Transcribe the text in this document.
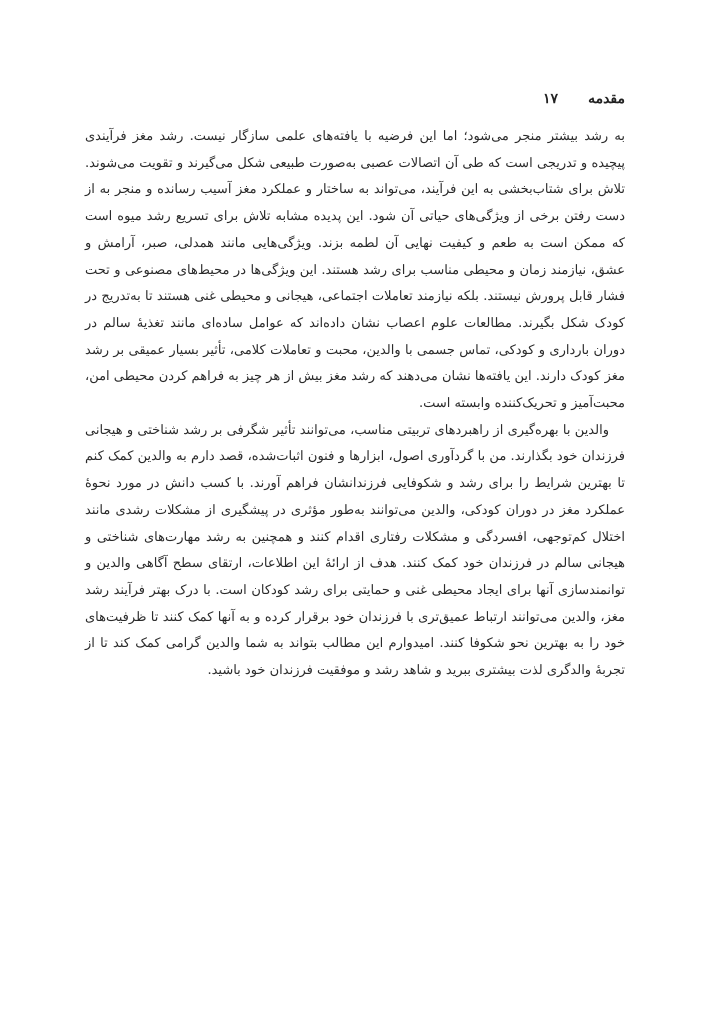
مقدمه
۱۷

به رشد بیشتر منجر می‌شود؛ اما این فرضیه با یافته‌های علمی سازگار نیست. رشد مغز فرآیندی پیچیده و تدریجی است که طی آن اتصالات عصبی به‌صورت طبیعی شکل می‌گیرند و تقویت می‌شوند. تلاش برای شتاب‌بخشی به این فرآیند، می‌تواند به ساختار و عملکرد مغز آسیب رسانده و منجر به از دست رفتن برخی از ویژگی‌های حیاتی آن شود. این پدیده مشابه تلاش برای تسریع رشد میوه است که ممکن است به طعم و کیفیت نهایی آن لطمه بزند. ویژگی‌هایی مانند همدلی، صبر، آرامش و عشق، نیازمند زمان و محیطی مناسب برای رشد هستند. این ویژگی‌ها در محیط‌های مصنوعی و تحت فشار قابل پرورش نیستند. بلکه نیازمند تعاملات اجتماعی، هیجانی و محیطی غنی هستند تا به‌تدریج در کودک شکل بگیرند. مطالعات علوم اعصاب نشان داده‌اند که عوامل ساده‌ای مانند تغذیهٔ سالم در دوران بارداری و کودکی، تماس جسمی با والدین، محبت و تعاملات کلامی، تأثیر بسیار عمیقی بر رشد مغز کودک دارند. این یافته‌ها نشان می‌دهند که رشد مغز بیش از هر چیز به فراهم کردن محیطی امن، محبت‌آمیز و تحریک‌کننده وابسته است.

والدین با بهره‌گیری از راهبردهای تربیتی مناسب، می‌توانند تأثیر شگرفی بر رشد شناختی و هیجانی فرزندان خود بگذارند. من با گردآوری اصول، ابزارها و فنون اثبات‌شده، قصد دارم به والدین کمک کنم تا بهترین شرایط را برای رشد و شکوفایی فرزندانشان فراهم آورند. با کسب دانش در مورد نحوهٔ عملکرد مغز در دوران کودکی، والدین می‌توانند به‌طور مؤثری در پیشگیری از مشکلات رشدی مانند اختلال کم‌توجهی، افسردگی و مشکلات رفتاری اقدام کنند و همچنین به رشد مهارت‌های شناختی و هیجانی سالم در فرزندان خود کمک کنند. هدف از ارائهٔ این اطلاعات، ارتقای سطح آگاهی والدین و توانمندسازی آنها برای ایجاد محیطی غنی و حمایتی برای رشد کودکان است. با درک بهتر فرآیند رشد مغز، والدین می‌توانند ارتباط عمیق‌تری با فرزندان خود برقرار کرده و به آنها کمک کنند تا ظرفیت‌های خود را به بهترین نحو شکوفا کنند. امیدوارم این مطالب بتواند به شما والدین گرامی کمک کند تا از تجربهٔ والدگری لذت بیشتری ببرید و شاهد رشد و موفقیت فرزندان خود باشید.
